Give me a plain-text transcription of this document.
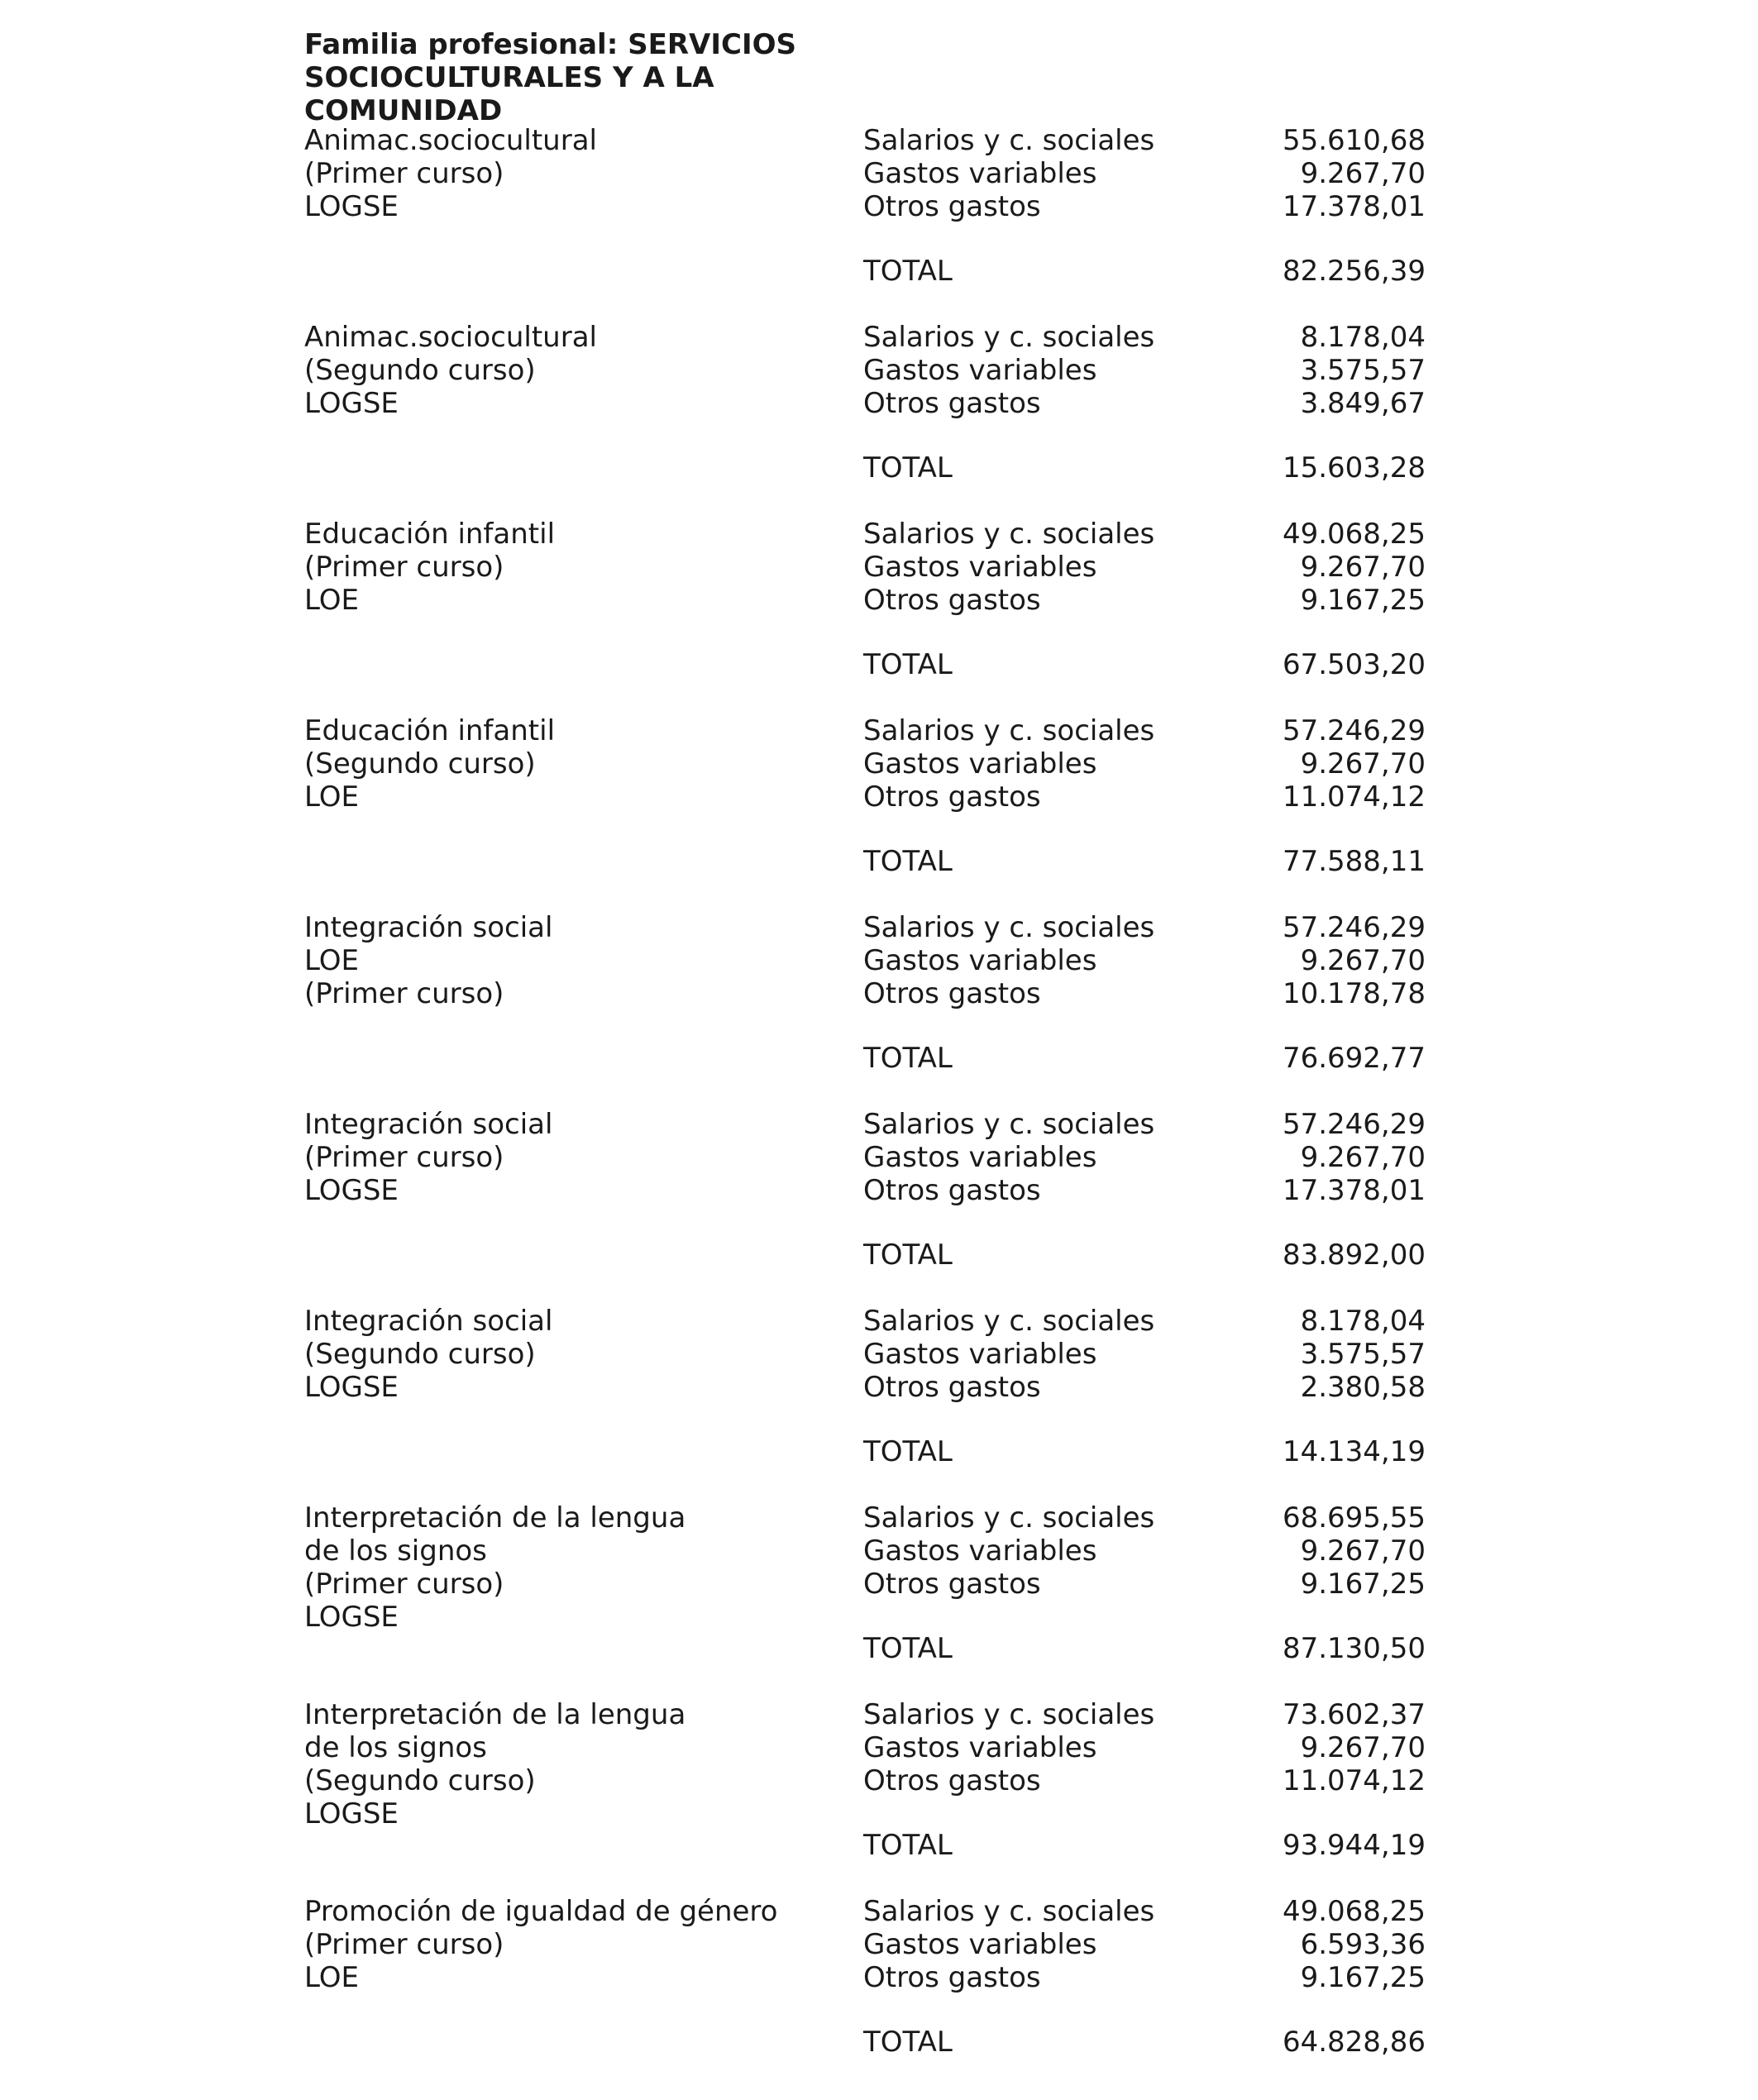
Familia profesional: SERVICIOS
SOCIOCULTURALES Y A LA
COMUNIDAD
Animac.sociocultural
(Primer curso)
LOGSE
Salarios y c. sociales	55.610,68
Gastos variables	9.267,70
Otros gastos	17.378,01
TOTAL	82.256,39
Animac.sociocultural
(Segundo curso)
LOGSE
Salarios y c. sociales	8.178,04
Gastos variables	3.575,57
Otros gastos	3.849,67
TOTAL	15.603,28
Educación infantil
(Primer curso)
LOE
Salarios y c. sociales	49.068,25
Gastos variables	9.267,70
Otros gastos	9.167,25
TOTAL	67.503,20
Educación infantil
(Segundo curso)
LOE
Salarios y c. sociales	57.246,29
Gastos variables	9.267,70
Otros gastos	11.074,12
TOTAL	77.588,11
Integración social
LOE
(Primer curso)
Salarios y c. sociales	57.246,29
Gastos variables	9.267,70
Otros gastos	10.178,78
TOTAL	76.692,77
Integración social
(Primer curso)
LOGSE
Salarios y c. sociales	57.246,29
Gastos variables	9.267,70
Otros gastos	17.378,01
TOTAL	83.892,00
Integración social
(Segundo curso)
LOGSE
Salarios y c. sociales	8.178,04
Gastos variables	3.575,57
Otros gastos	2.380,58
TOTAL	14.134,19
Interpretación de la lengua
de los signos
(Primer curso)
LOGSE
Salarios y c. sociales	68.695,55
Gastos variables	9.267,70
Otros gastos	9.167,25
TOTAL	87.130,50
Interpretación de la lengua
de los signos
(Segundo curso)
LOGSE
Salarios y c. sociales	73.602,37
Gastos variables	9.267,70
Otros gastos	11.074,12
TOTAL	93.944,19
Promoción de igualdad de género
(Primer curso)
LOE
Salarios y c. sociales	49.068,25
Gastos variables	6.593,36
Otros gastos	9.167,25
TOTAL	64.828,86
